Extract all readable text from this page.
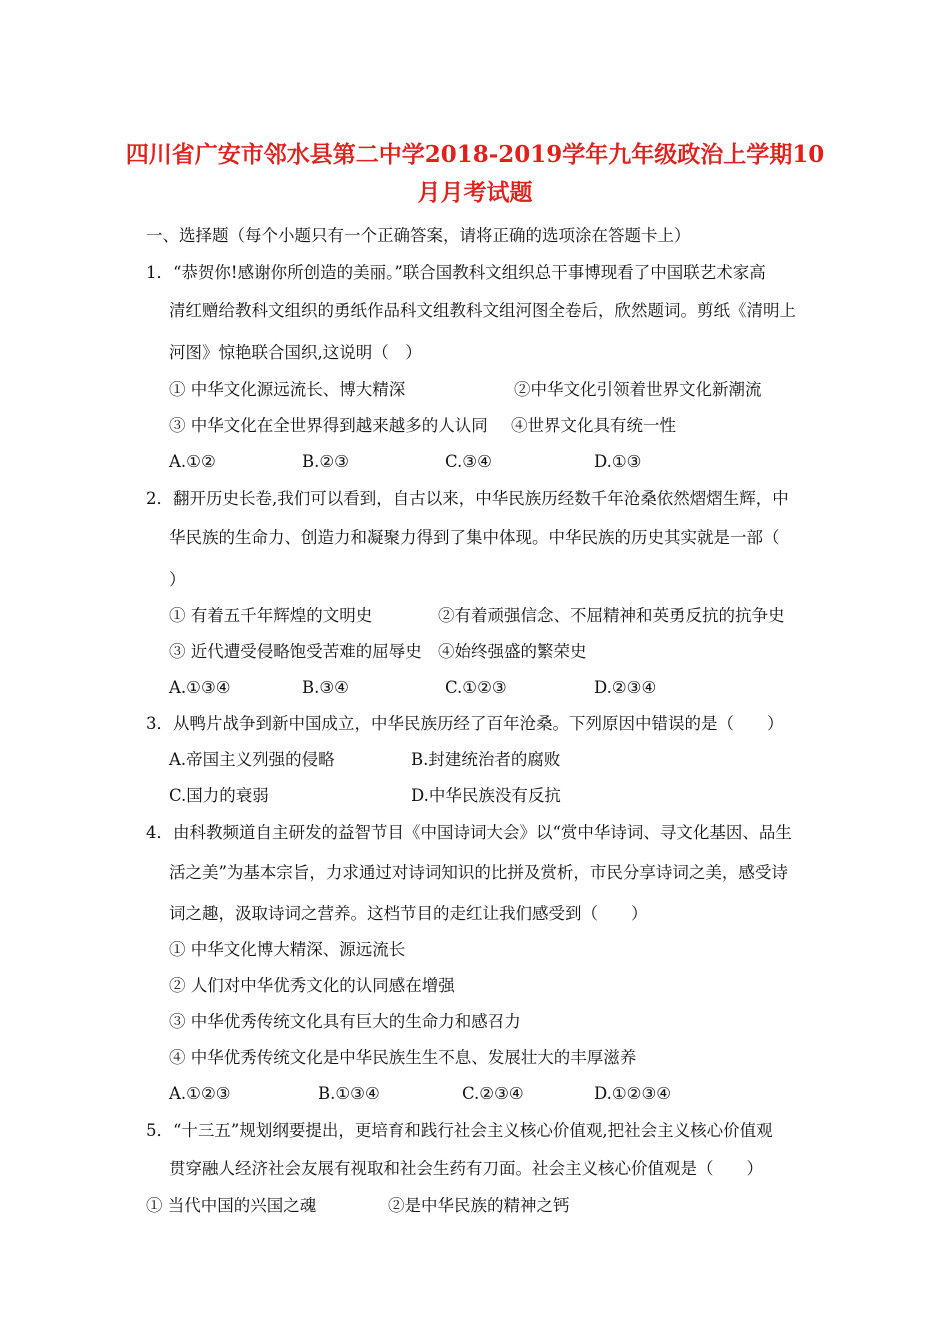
四川省广安市邻水县第二中学2018-2019学年九年级政治上学期10
月月考试题
一、选择题（每个小题只有一个正确答案，请将正确的选项涂在答题卡上）
1．“恭贺你!感谢你所创造的美丽。”联合国教科文组织总干事博现看了中国联艺术家高
清红赠给教科文组织的勇纸作品科文组教科文组河图全卷后，欣然题词。剪纸《清明上
河图》惊艳联合国织,这说明（　）
① 中华文化源远流长、博大精深	②中华文化引领着世界文化新潮流
③ 中华文化在全世界得到越来越多的人认同 ④世界文化具有统一性
A.①②	B.②③	C.③④	D.①③
2．翻开历史长卷,我们可以看到，自古以来，中华民族历经数千年沧桑依然熠熠生辉，中
华民族的生命力、创造力和凝聚力得到了集中体现。中华民族的历史其实就是一部（
）
① 有着五千年辉煌的文明史	②有着顽强信念、不屈精神和英勇反抗的抗争史
③ 近代遭受侵略饱受苦难的屈辱史 ④始终强盛的繁荣史
A.①③④	B.③④	C.①②③	D.②③④
3．从鸭片战争到新中国成立，中华民族历经了百年沧桑。下列原因中错误的是（　　）
A.帝国主义列强的侵略	B.封建统治者的腐败
C.国力的衰弱	D.中华民族没有反抗
4．由科教频道自主研发的益智节目《中国诗词大会》以“赏中华诗词、寻文化基因、品生
活之美”为基本宗旨，力求通过对诗词知识的比拼及赏析，市民分享诗词之美，感受诗
词之趣，汲取诗词之营养。这档节目的走红让我们感受到（　　）
① 中华文化博大精深、源远流长
② 人们对中华优秀文化的认同感在增强
③ 中华优秀传统文化具有巨大的生命力和感召力
④ 中华优秀传统文化是中华民族生生不息、发展壮大的丰厚滋养
A.①②③	B.①③④	C.②③④	D.①②③④
5．“十三五”规划纲要提出，更培育和践行社会主义核心价值观,把社会主义核心价值观
贯穿融人经济社会友展有视取和社会生药有刀面。社会主义核心价值观是（　　）
① 当代中国的兴国之魂	②是中华民族的精神之钙
